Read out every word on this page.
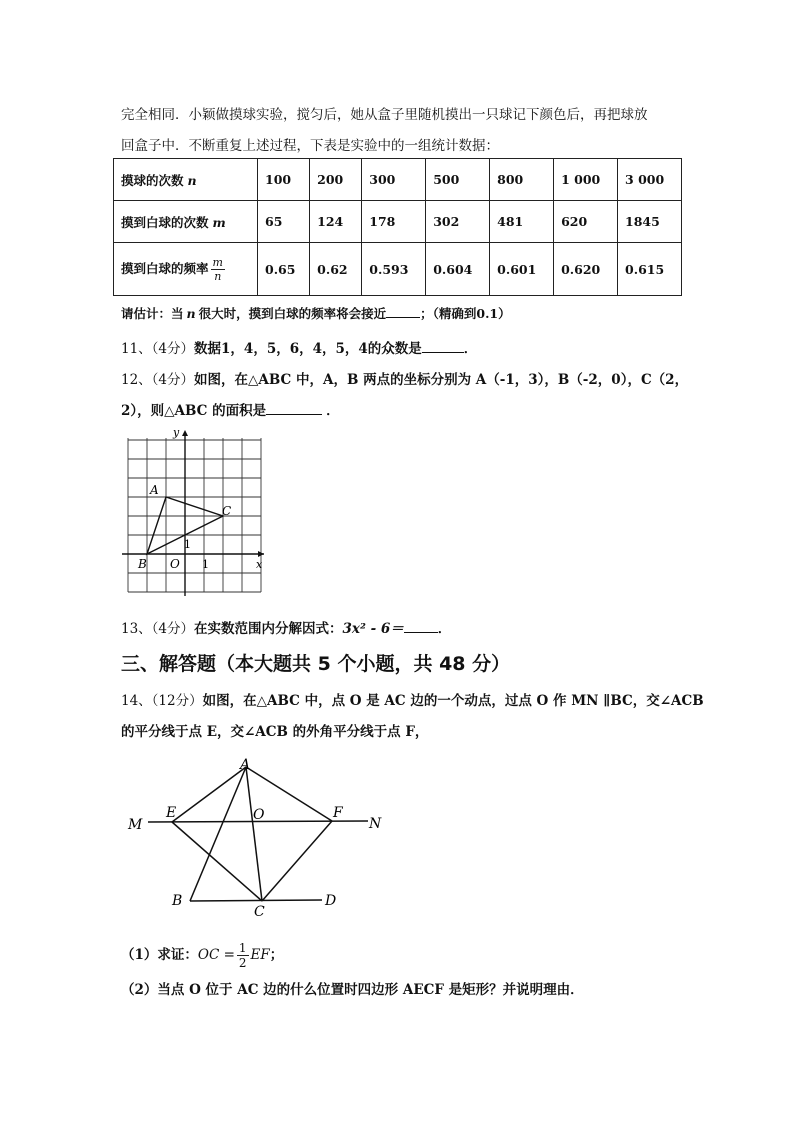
完全相同．小颖做摸球实验，搅匀后，她从盒子里随机摸出一只球记下颜色后，再把球放
回盒子中．不断重复上述过程，下表是实验中的一组统计数据：
摸球的次数 n	100	200	300	500	800	1 000	3 000
摸到白球的次数 m	65	124	178	302	481	620	1845
摸到白球的频率 $\frac{m}{n}$	0.65	0.62	0.593	0.604	0.601	0.620	0.615
请估计：当 n 很大时，摸到白球的频率将会接近	；（精确到0.1）
11、（4分）数据1，4，5，6，4，5，4的众数是	．
12、（4分）如图，在△ABC 中，A，B 两点的坐标分别为 A（-1，3），B（-2，0），C（2，
2），则△ABC 的面积是	．
y
x
A
B
C
O 1
1
13、（4分）在实数范围内分解因式：3x² - 6＝	．
三、解答题（本大题共 5 个小题，共 48 分）
14、（12分）如图，在△ABC 中，点 O 是 AC 边的一个动点，过点 O 作 MN ∥BC，交∠ACB
的平分线于点 E，交∠ACB 的外角平分线于点 F，
A
M
E	O	F
N
B
C
D
（1）求证：OC = $\frac{1}{2}$ EF；
（2）当点 O 位于 AC 边的什么位置时四边形 AECF 是矩形？并说明理由．
